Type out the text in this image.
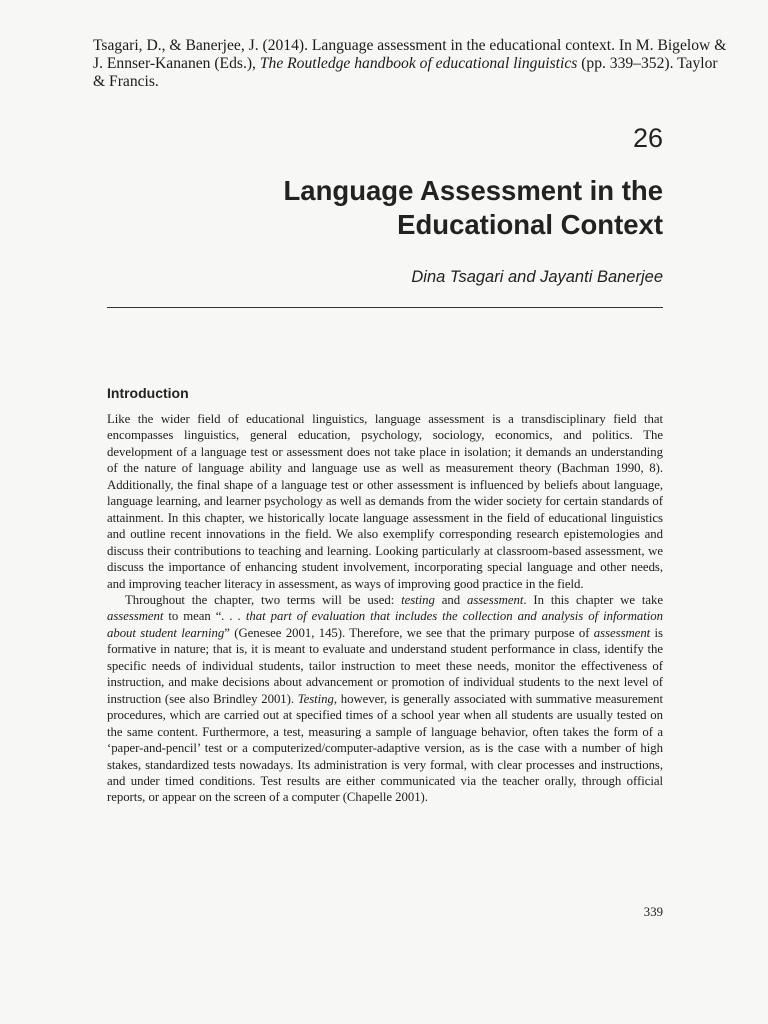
Tsagari, D., & Banerjee, J. (2014). Language assessment in the educational context. In M. Bigelow & J. Ennser-Kananen (Eds.), The Routledge handbook of educational linguistics (pp. 339–352). Taylor & Francis.
26
Language Assessment in the
Educational Context
Dina Tsagari and Jayanti Banerjee
Introduction

Like the wider field of educational linguistics, language assessment is a transdisciplinary field that encompasses linguistics, general education, psychology, sociology, economics, and politics. The development of a language test or assessment does not take place in isolation; it demands an understanding of the nature of language ability and language use as well as measurement theory (Bachman 1990, 8). Additionally, the final shape of a language test or other assessment is influenced by beliefs about language, language learning, and learner psychology as well as demands from the wider society for certain standards of attainment. In this chapter, we historically locate language assessment in the field of educational linguistics and outline recent innovations in the field. We also exemplify corresponding research epistemologies and discuss their contributions to teaching and learning. Looking particularly at classroom-based assessment, we discuss the importance of enhancing student involvement, incorporating special language and other needs, and improving teacher literacy in assessment, as ways of improving good practice in the field.

Throughout the chapter, two terms will be used: testing and assessment. In this chapter we take assessment to mean “. . . that part of evaluation that includes the collection and analysis of information about student learning” (Genesee 2001, 145). Therefore, we see that the primary purpose of assessment is formative in nature; that is, it is meant to evaluate and understand student performance in class, identify the specific needs of individual students, tailor instruction to meet these needs, monitor the effectiveness of instruction, and make decisions about advancement or promotion of individual students to the next level of instruction (see also Brindley 2001). Testing, however, is generally associated with summative measurement procedures, which are carried out at specified times of a school year when all students are usually tested on the same content. Furthermore, a test, measuring a sample of language behavior, often takes the form of a ‘paper-and-pencil’ test or a computerized/computer-adaptive version, as is the case with a number of high stakes, standardized tests nowadays. Its administration is very formal, with clear processes and instructions, and under timed conditions. Test results are either communicated via the teacher orally, through official reports, or appear on the screen of a computer (Chapelle 2001).

339
